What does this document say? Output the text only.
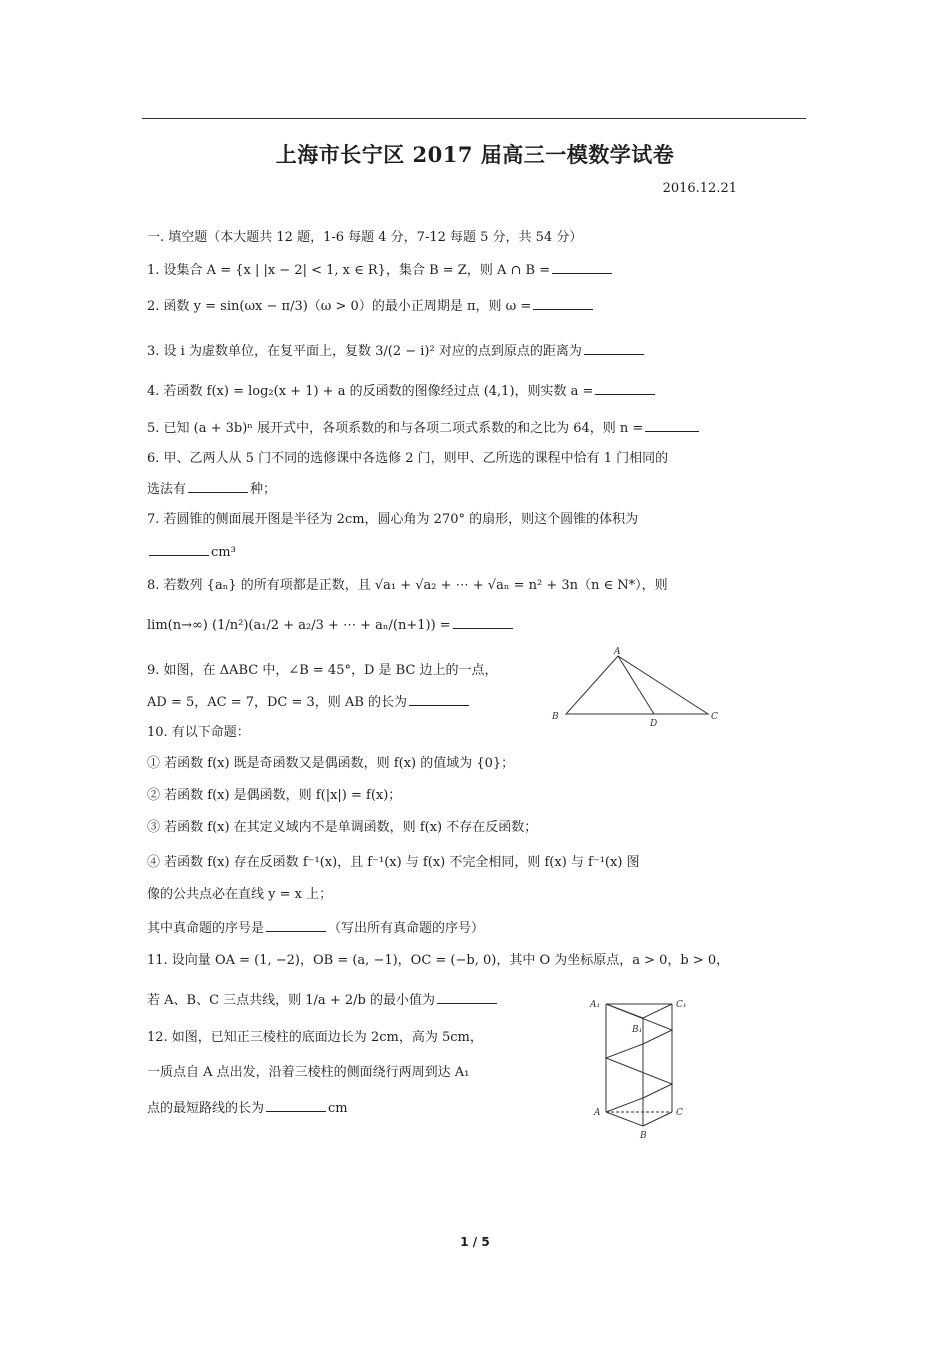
上海市长宁区 2017 届高三一模数学试卷
2016.12.21
一. 填空题（本大题共 12 题，1-6 每题 4 分，7-12 每题 5 分，共 54 分）
1. 设集合 A = {x | |x − 2| < 1, x ∈ R}，集合 B = Z，则 A ∩ B =
2. 函数 y = sin(ωx − π/3)（ω > 0）的最小正周期是 π，则 ω =
3. 设 i 为虚数单位，在复平面上，复数 3/(2 − i)² 对应的点到原点的距离为
4. 若函数 f(x) = log₂(x + 1) + a 的反函数的图像经过点 (4,1)，则实数 a =
5. 已知 (a + 3b)ⁿ 展开式中，各项系数的和与各项二项式系数的和之比为 64，则 n =
6. 甲、乙两人从 5 门不同的选修课中各选修 2 门，则甲、乙所选的课程中恰有 1 门相同的
选法有	种；
7. 若圆锥的侧面展开图是半径为 2cm，圆心角为 270° 的扇形，则这个圆锥的体积为
cm³
8. 若数列 {aₙ} 的所有项都是正数，且 √a₁ + √a₂ + ⋯ + √aₙ = n² + 3n（n ∈ N*），则
lim(n→∞) (1/n²)(a₁/2 + a₂/3 + ⋯ + aₙ/(n+1)) =
9. 如图，在 ΔABC 中，∠B = 45°，D 是 BC 边上的一点，
AD = 5，AC = 7，DC = 3，则 AB 的长为
A
B	C
D
10. 有以下命题：
① 若函数 f(x) 既是奇函数又是偶函数，则 f(x) 的值域为 {0}；
② 若函数 f(x) 是偶函数，则 f(|x|) = f(x)；
③ 若函数 f(x) 在其定义域内不是单调函数，则 f(x) 不存在反函数；
④ 若函数 f(x) 存在反函数 f⁻¹(x)，且 f⁻¹(x) 与 f(x) 不完全相同，则 f(x) 与 f⁻¹(x) 图
像的公共点必在直线 y = x 上；
其中真命题的序号是	（写出所有真命题的序号）
11. 设向量 OA = (1, −2)，OB = (a, −1)，OC = (−b, 0)，其中 O 为坐标原点，a > 0，b > 0，
若 A、B、C 三点共线，则 1/a + 2/b 的最小值为
12. 如图，已知正三棱柱的底面边长为 2cm，高为 5cm，
一质点自 A 点出发，沿着三棱柱的侧面绕行两周到达 A₁
点的最短路线的长为	cm
A₁	C₁
B₁
A	C
B
1 / 5
